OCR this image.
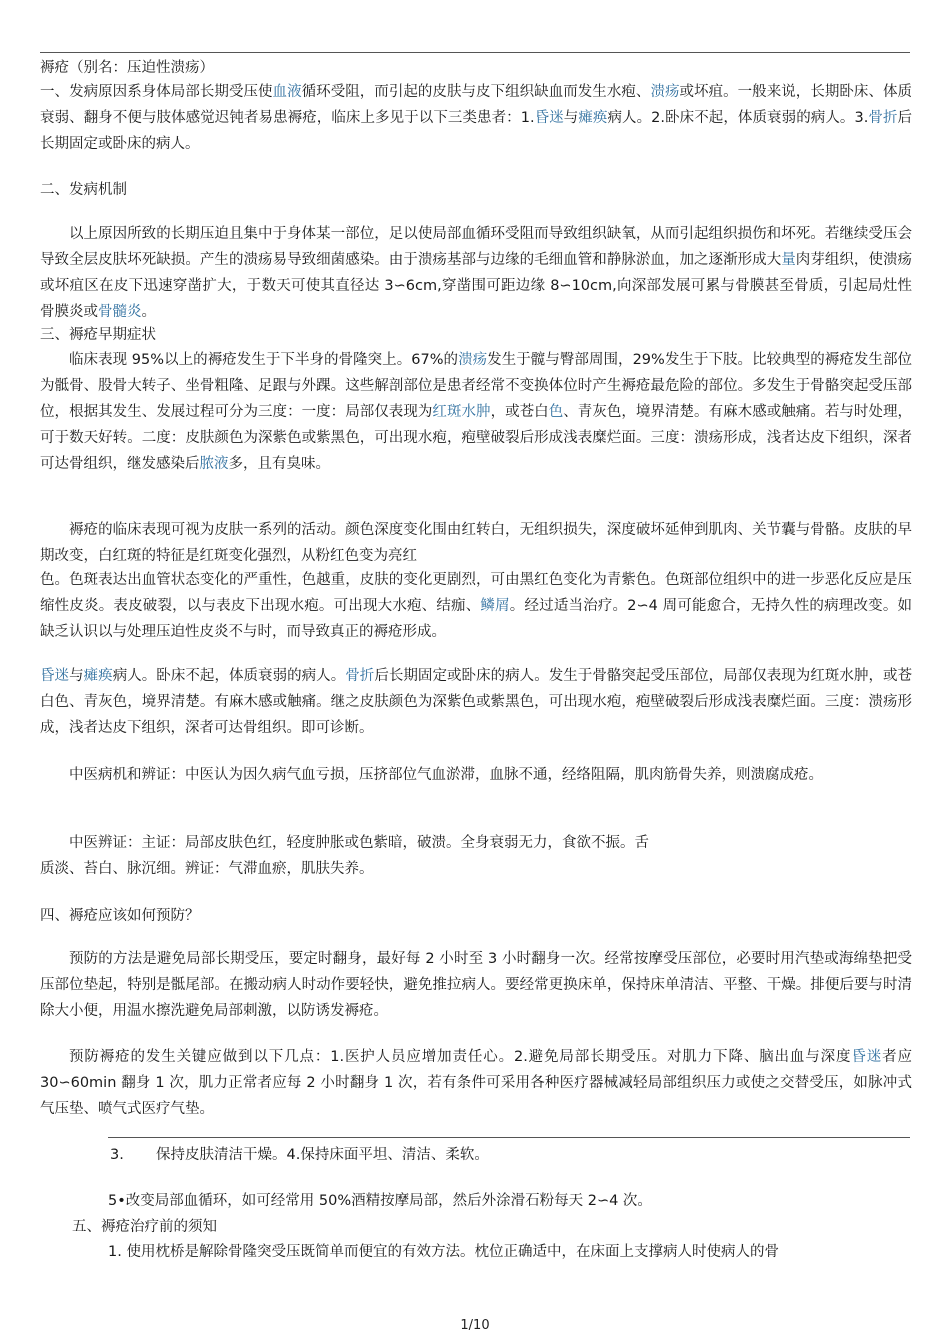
褥疮（别名：压迫性溃疡）

一、发病原因系身体局部长期受压使血液循环受阻，而引起的皮肤与皮下组织缺血而发生水疱、溃疡或坏疽。一般来说，长期卧床、体质衰弱、翻身不便与肢体感觉迟钝者易患褥疮，临床上多见于以下三类患者：1.昏迷与瘫痪病人。2.卧床不起，体质衰弱的病人。3.骨折后长期固定或卧床的病人。

二、发病机制

以上原因所致的长期压迫且集中于身体某一部位，足以使局部血循环受阻而导致组织缺氧，从而引起组织损伤和坏死。若继续受压会导致全层皮肤坏死缺损。产生的溃疡易导致细菌感染。由于溃疡基部与边缘的毛细血管和静脉淤血，加之逐渐形成大量肉芽组织，使溃疡或坏疽区在皮下迅速穿凿扩大，于数天可使其直径达 3∽6cm,穿凿围可距边缘 8∽10cm,向深部发展可累与骨膜甚至骨质，引起局灶性骨膜炎或骨髓炎。

三、褥疮早期症状

临床表现 95%以上的褥疮发生于下半身的骨隆突上。67%的溃疡发生于髋与臀部周围，29%发生于下肢。比较典型的褥疮发生部位为骶骨、股骨大转子、坐骨粗隆、足跟与外踝。这些解剖部位是患者经常不变换体位时产生褥疮最危险的部位。多发生于骨骼突起受压部位，根据其发生、发展过程可分为三度：一度：局部仅表现为红斑水肿，或苍白色、青灰色，境界清楚。有麻木感或触痛。若与时处理，可于数天好转。二度：皮肤颜色为深紫色或紫黑色，可出现水疱，疱壁破裂后形成浅表糜烂面。三度：溃疡形成，浅者达皮下组织，深者可达骨组织，继发感染后脓液多，且有臭味。

褥疮的临床表现可视为皮肤一系列的活动。颜色深度变化围由红转白，无组织损失，深度破坏延伸到肌肉、关节囊与骨骼。皮肤的早期改变，白红斑的特征是红斑变化强烈，从粉红色变为亮红

色。色斑表达出血管状态变化的严重性，色越重，皮肤的变化更剧烈，可由黑红色变化为青紫色。色斑部位组织中的进一步恶化反应是压缩性皮炎。表皮破裂，以与表皮下出现水疱。可出现大水疱、结痂、鳞屑。经过适当治疗。2∽4 周可能愈合，无持久性的病理改变。如缺乏认识以与处理压迫性皮炎不与时，而导致真正的褥疮形成。

昏迷与瘫痪病人。卧床不起，体质衰弱的病人。骨折后长期固定或卧床的病人。发生于骨骼突起受压部位，局部仅表现为红斑水肿，或苍白色、青灰色，境界清楚。有麻木感或触痛。继之皮肤颜色为深紫色或紫黑色，可出现水疱，疱壁破裂后形成浅表糜烂面。三度：溃疡形成，浅者达皮下组织，深者可达骨组织。即可诊断。

中医病机和辨证：中医认为因久病气血亏损，压挤部位气血淤滞，血脉不通，经络阻隔，肌肉筋骨失养，则溃腐成疮。

中医辨证：主证：局部皮肤色红，轻度肿胀或色紫暗，破溃。全身衰弱无力，食欲不振。舌

质淡、苔白、脉沉细。辨证：气滞血瘀，肌肤失养。

四、褥疮应该如何预防？

预防的方法是避免局部长期受压，要定时翻身，最好每 2 小时至 3 小时翻身一次。经常按摩受压部位，必要时用汽垫或海绵垫把受压部位垫起，特别是骶尾部。在搬动病人时动作要轻快，避免推拉病人。要经常更换床单，保持床单清洁、平整、干燥。排便后要与时清除大小便，用温水擦洗避免局部刺激，以防诱发褥疮。

预防褥疮的发生关键应做到以下几点：1.医护人员应增加责任心。2.避免局部长期受压。对肌力下降、脑出血与深度昏迷者应 30∽60min 翻身 1 次，肌力正常者应每 2 小时翻身 1 次，若有条件可采用各种医疗器械减轻局部组织压力或使之交替受压，如脉冲式气压垫、喷气式医疗气垫。

3. 保持皮肤清洁干燥。4.保持床面平坦、清洁、柔软。

5•改变局部血循环，如可经常用 50%酒精按摩局部，然后外涂滑石粉每天 2∽4 次。

五、褥疮治疗前的须知

1. 使用枕桥是解除骨隆突受压既简单而便宜的有效方法。枕位正确适中，在床面上支撑病人时使病人的骨

1/10
